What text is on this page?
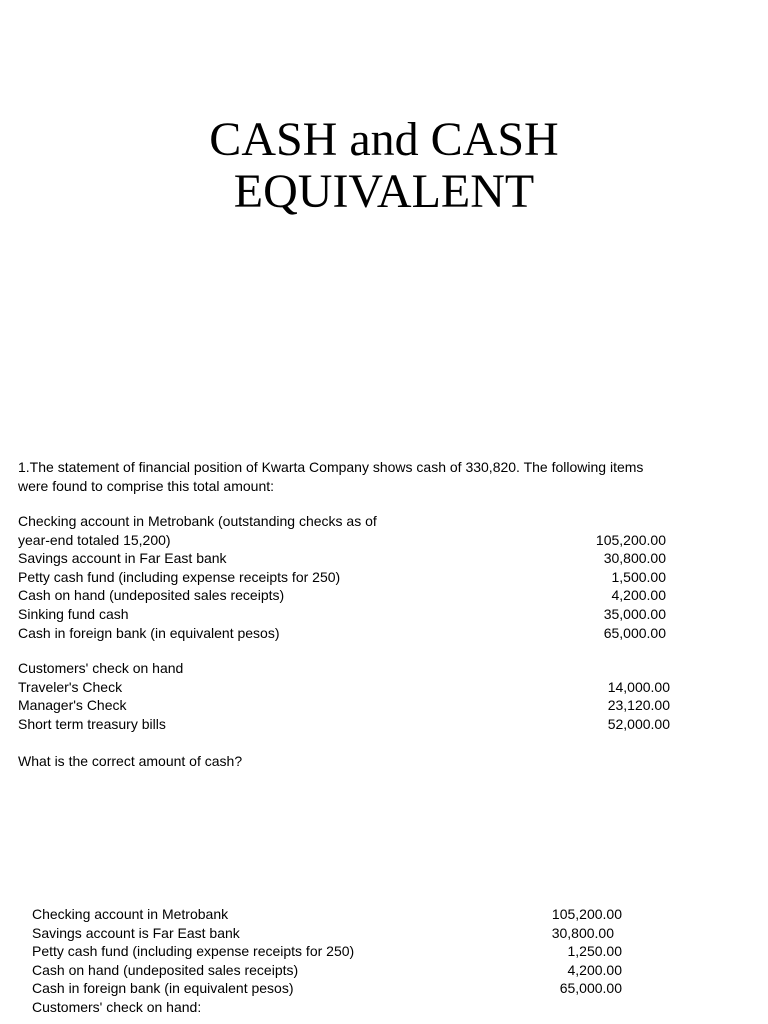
CASH and CASH
EQUIVALENT

1.The statement of financial position of Kwarta Company shows cash of 330,820. The following items
were found to comprise this total amount:

Checking account in Metrobank (outstanding checks as of
year-end totaled 15,200)	105,200.00
Savings account in Far East bank	30,800.00
Petty cash fund (including expense receipts for 250)	1,500.00
Cash on hand (undeposited sales receipts)	4,200.00
Sinking fund cash	35,000.00
Cash in foreign bank (in equivalent pesos)	65,000.00
Customers' check on hand
Traveler's Check	14,000.00
Manager's Check	23,120.00
Short term treasury bills	52,000.00

What is the correct amount of cash?

Checking account in Metrobank	105,200.00
Savings account is Far East bank	30,800.00
Petty cash fund (including expense receipts for 250)	1,250.00
Cash on hand (undeposited sales receipts)	4,200.00
Cash in foreign bank (in equivalent pesos)	65,000.00
Customers' check on hand:
